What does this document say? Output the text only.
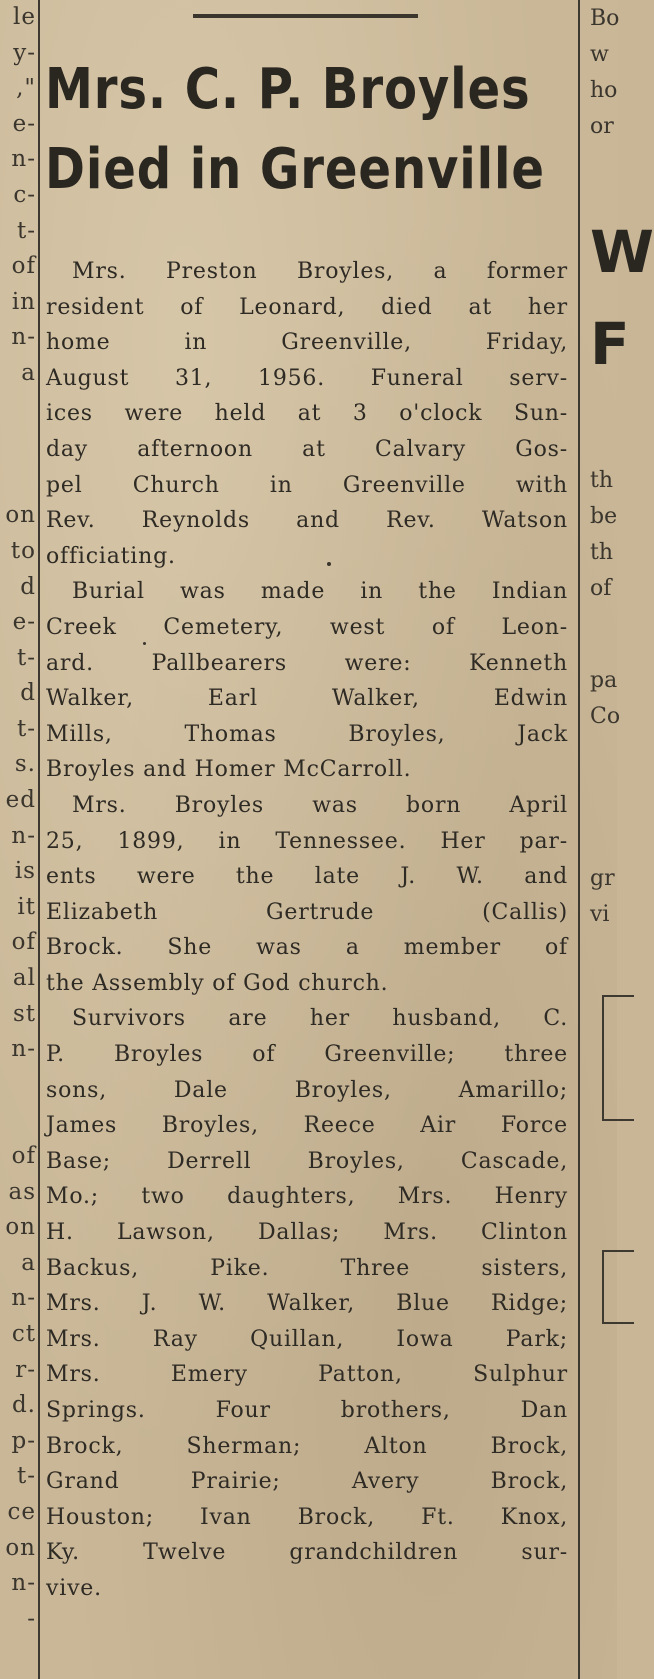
le
y-
,"
e-
n-
c-
t-
of
in
n-
a
on
to
d
e-
t-
d
t-
s.
ed
n-
is
it
of
al
st
n-
of
as
on
a
n-
ct
r-
d.
p-
t-
ce
on
n-
-
Bo
w
ho
or
W
F
th
be
th
of
pa
Co
gr
vi
Mrs. C. P. Broyles
Died in Greenville
Mrs. Preston Broyles, a former
resident of Leonard, died at her
home in Greenville, Friday,
August 31, 1956. Funeral serv-
ices were held at 3 o'clock Sun-
day afternoon at Calvary Gos-
pel Church in Greenville with
Rev. Reynolds and Rev. Watson
officiating.
Burial was made in the Indian
Creek Cemetery, west of Leon-
ard. Pallbearers were: Kenneth
Walker, Earl Walker, Edwin
Mills, Thomas Broyles, Jack
Broyles and Homer McCarroll.
Mrs. Broyles was born April
25, 1899, in Tennessee. Her par-
ents were the late J. W. and
Elizabeth Gertrude (Callis)
Brock. She was a member of
the Assembly of God church.
Survivors are her husband, C.
P. Broyles of Greenville; three
sons, Dale Broyles, Amarillo;
James Broyles, Reece Air Force
Base; Derrell Broyles, Cascade,
Mo.; two daughters, Mrs. Henry
H. Lawson, Dallas; Mrs. Clinton
Backus, Pike. Three sisters,
Mrs. J. W. Walker, Blue Ridge;
Mrs. Ray Quillan, Iowa Park;
Mrs. Emery Patton, Sulphur
Springs. Four brothers, Dan
Brock, Sherman; Alton Brock,
Grand Prairie; Avery Brock,
Houston; Ivan Brock, Ft. Knox,
Ky. Twelve grandchildren sur-
vive.
